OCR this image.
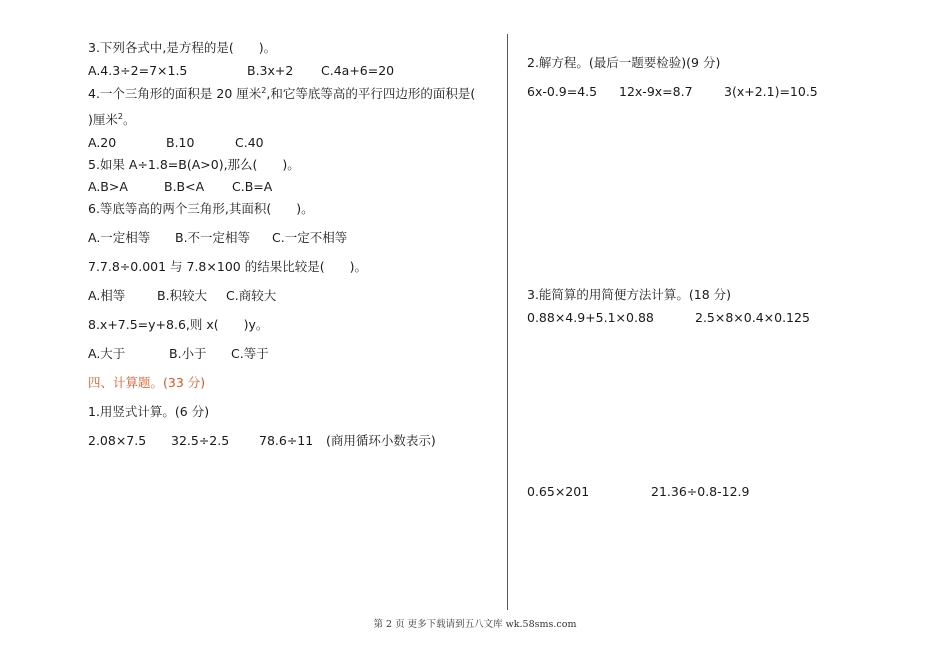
3.下列各式中,是方程的是(　　)。
A.4.3÷2=7×1.5	B.3x+2 C.4a+6=20
4.一个三角形的面积是 20 厘米$^2$,和它等底等高的平行四边形的面积是(
)厘米$^2$。
A.20	B.10	C.40
5.如果 A÷1.8=B(A>0),那么(　　)。
A.B>A	B.B<A C.B=A
6.等底等高的两个三角形,其面积(　　)。
A.一定相等 B.不一定相等 C.一定不相等
7.7.8÷0.001 与 7.8×100 的结果比较是(　　)。
A.相等	B.积较大 C.商较大
8.x+7.5=y+8.6,则 x(　　)y。
A.大于	B.小于 C.等于
四、计算题。(33 分)
1.用竖式计算。(6 分)
2.08×7.5 32.5÷2.5 78.6÷11 (商用循环小数表示)
2.解方程。(最后一题要检验)(9 分)
6x-0.9=4.5 12x-9x=8.7	3(x+2.1)=10.5
3.能简算的用简便方法计算。(18 分)
0.88×4.9+5.1×0.88	2.5×8×0.4×0.125
0.65×201	21.36÷0.8-12.9
第 2 页 更多下载请到五八文库 wk.58sms.com
